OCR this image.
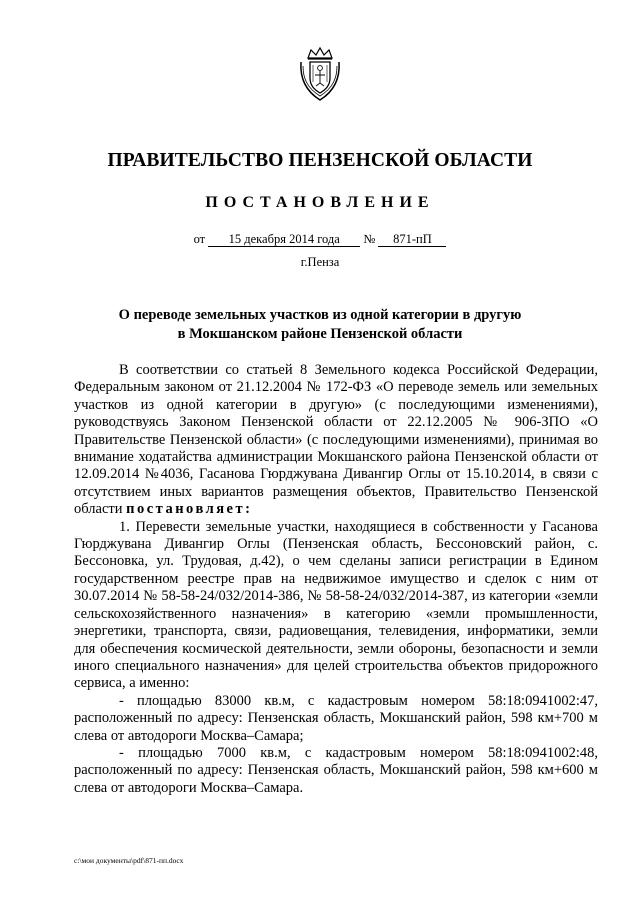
ПРАВИТЕЛЬСТВО ПЕНЗЕНСКОЙ ОБЛАСТИ
ПОСТАНОВЛЕНИЕ
от 15 декабря 2014 года № 871-пП
г.Пенза
О переводе земельных участков из одной категории в другую
в Мокшанском районе Пензенской области

В соответствии со статьей 8 Земельного кодекса Российской Федерации, Федеральным законом от 21.12.2004 № 172-ФЗ «О переводе земель или земельных участков из одной категории в другую» (с последующими изменениями), руководствуясь Законом Пензенской области от 22.12.2005 № 906-ЗПО «О Правительстве Пензенской области» (с последующими изменениями), принимая во внимание ходатайства администрации Мокшанского района Пензенской области от 12.09.2014 №4036, Гасанова Гюрджувана Дивангир Оглы от 15.10.2014, в связи с отсутствием иных вариантов размещения объектов, Правительство Пензенской области постановляет:

1. Перевести земельные участки, находящиеся в собственности у Гасанова Гюрджувана Дивангир Оглы (Пензенская область, Бессоновский район, с. Бессоновка, ул. Трудовая, д.42), о чем сделаны записи регистрации в Едином государственном реестре прав на недвижимое имущество и сделок с ним от 30.07.2014 № 58-58-24/032/2014-386, № 58-58-24/032/2014-387, из категории «земли сельскохозяйственного назначения» в категорию «земли промышленности, энергетики, транспорта, связи, радиовещания, телевидения, информатики, земли для обеспечения космической деятельности, земли обороны, безопасности и земли иного специального назначения» для целей строительства объектов придорожного сервиса, а именно:

- площадью 83000 кв.м, с кадастровым номером 58:18:0941002:47, расположенный по адресу: Пензенская область, Мокшанский район, 598 км+700 м слева от автодороги Москва–Самара;

- площадью 7000 кв.м, с кадастровым номером 58:18:0941002:48, расположенный по адресу: Пензенская область, Мокшанский район, 598 км+600 м слева от автодороги Москва–Самара.

c:\мои документы\pdf\871-пп.docx
